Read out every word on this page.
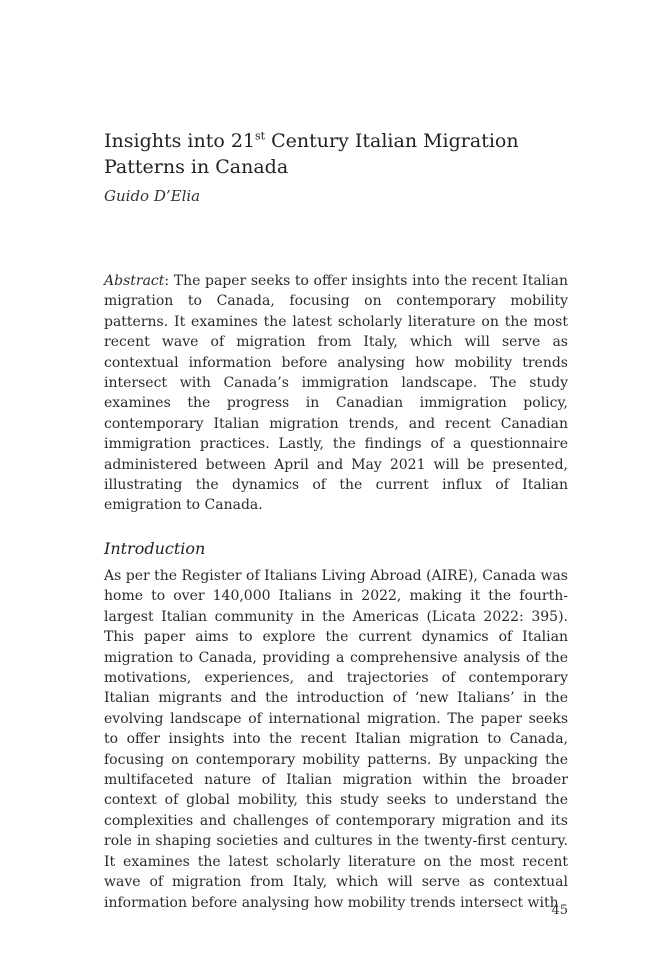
Insights into 21st Century Italian Migration Patterns in Canada

Guido D’Elia

Abstract: The paper seeks to offer insights into the recent Italian migration to Canada, focusing on contemporary mobility patterns. It examines the latest scholarly literature on the most recent wave of migration from Italy, which will serve as contextual information before analysing how mobility trends intersect with Canada’s immigration landscape. The study examines the progress in Canadian immigration policy, contemporary Italian migration trends, and recent Canadian immigration practices. Lastly, the findings of a questionnaire administered between April and May 2021 will be presented, illustrating the dynamics of the current influx of Italian emigration to Canada.

Introduction

As per the Register of Italians Living Abroad (AIRE), Canada was home to over 140,000 Italians in 2022, making it the fourth-largest Italian community in the Americas (Licata 2022: 395). This paper aims to explore the current dynamics of Italian migration to Canada, providing a comprehensive analysis of the motivations, experiences, and trajectories of contemporary Italian migrants and the introduction of ‘new Italians’ in the evolving landscape of international migration. The paper seeks to offer insights into the recent Italian migration to Canada, focusing on contemporary mobility patterns. By unpacking the multifaceted nature of Italian migration within the broader context of global mobility, this study seeks to understand the complexities and challenges of contemporary migration and its role in shaping societies and cultures in the twenty-first century. It examines the latest scholarly literature on the most recent wave of migration from Italy, which will serve as contextual information before analysing how mobility trends intersect with

45
